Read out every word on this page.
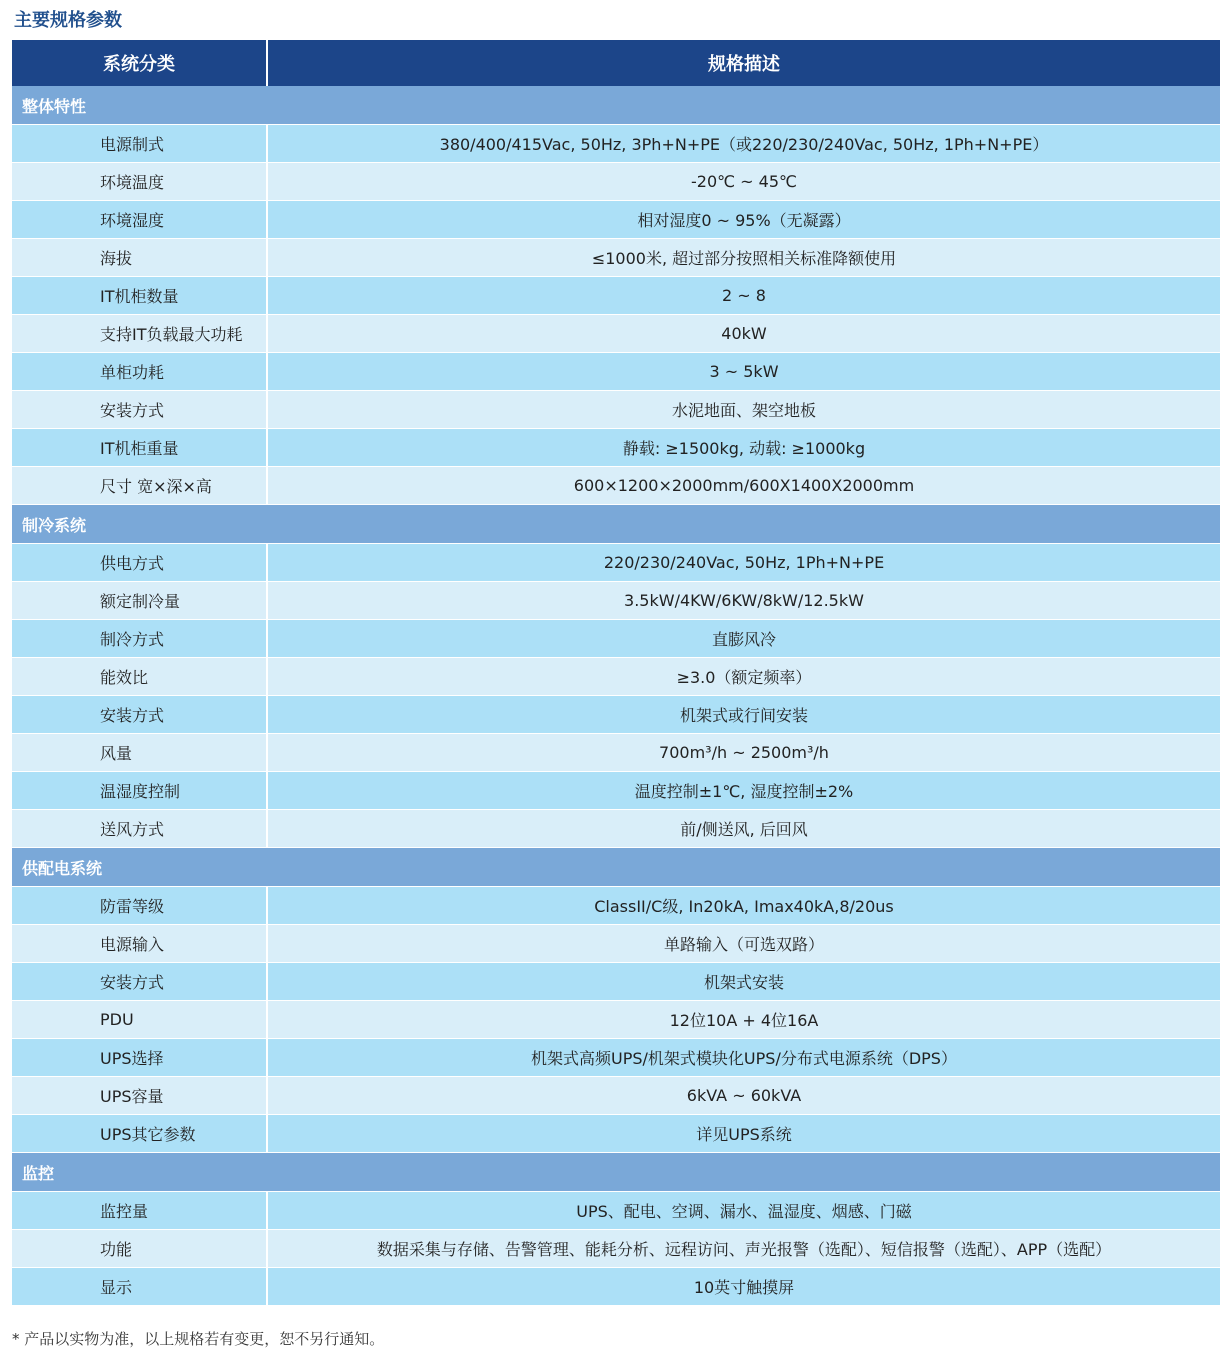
主要规格参数
系统分类	规格描述
整体特性	
电源制式	380/400/415Vac, 50Hz, 3Ph+N+PE（或220/230/240Vac, 50Hz, 1Ph+N+PE）
环境温度	-20℃ ~ 45℃
环境湿度	相对湿度0 ~ 95%（无凝露）
海拔	≤1000米, 超过部分按照相关标准降额使用
IT机柜数量	2 ~ 8
支持IT负载最大功耗	40kW
单柜功耗	3 ~ 5kW
安装方式	水泥地面、架空地板
IT机柜重量	静载: ≥1500kg, 动载: ≥1000kg
尺寸 宽×深×高	600×1200×2000mm/600X1400X2000mm
制冷系统	
供电方式	220/230/240Vac, 50Hz, 1Ph+N+PE
额定制冷量	3.5kW/4KW/6KW/8kW/12.5kW
制冷方式	直膨风冷
能效比	≥3.0（额定频率）
安装方式	机架式或行间安装
风量	700m³/h ~ 2500m³/h
温湿度控制	温度控制±1℃, 湿度控制±2%
送风方式	前/侧送风, 后回风
供配电系统	
防雷等级	ClassII/C级, In20kA, Imax40kA,8/20us
电源输入	单路输入（可选双路）
安装方式	机架式安装
PDU	12位10A + 4位16A
UPS选择	机架式高频UPS/机架式模块化UPS/分布式电源系统（DPS）
UPS容量	6kVA ~ 60kVA
UPS其它参数	详见UPS系统
监控	
监控量	UPS、配电、空调、漏水、温湿度、烟感、门磁
功能	数据采集与存储、告警管理、能耗分析、远程访问、声光报警（选配）、短信报警（选配）、APP（选配）
显示	10英寸触摸屏
* 产品以实物为准，以上规格若有变更，恕不另行通知。
